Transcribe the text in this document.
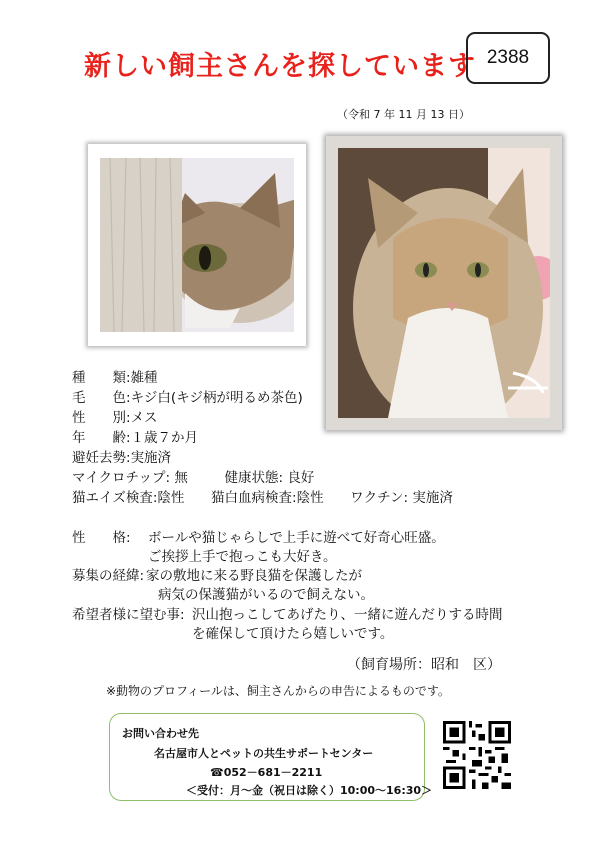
新しい飼主さんを探しています 2388
（令和 7 年 11 月 13 日）
種　　類:雑種
毛　　色:キジ白(キジ柄が明るめ茶色)
性　　別:メス
年　　齢:１歳７か月
避妊去勢:実施済
マイクロチップ: 無	健康状態: 良好
猫エイズ検査:陰性 猫白血病検査:陰性 ワクチン: 実施済
性　　格: ボールや猫じゃらしで上手に遊べて好奇心旺盛。
ご挨拶上手で抱っこも大好き。
募集の経緯: 家の敷地に来る野良猫を保護したが
病気の保護猫がいるので飼えない。
希望者様に望む事: 沢山抱っこしてあげたり、一緒に遊んだりする時間
を確保して頂けたら嬉しいです。
（飼育場所：昭和　区）
※動物のプロフィールは、飼主さんからの申告によるものです。
お問い合わせ先
名古屋市人とペットの共生サポートセンター
☎052－681－2211
＜受付：月～金（祝日は除く）10:00～16:30＞
